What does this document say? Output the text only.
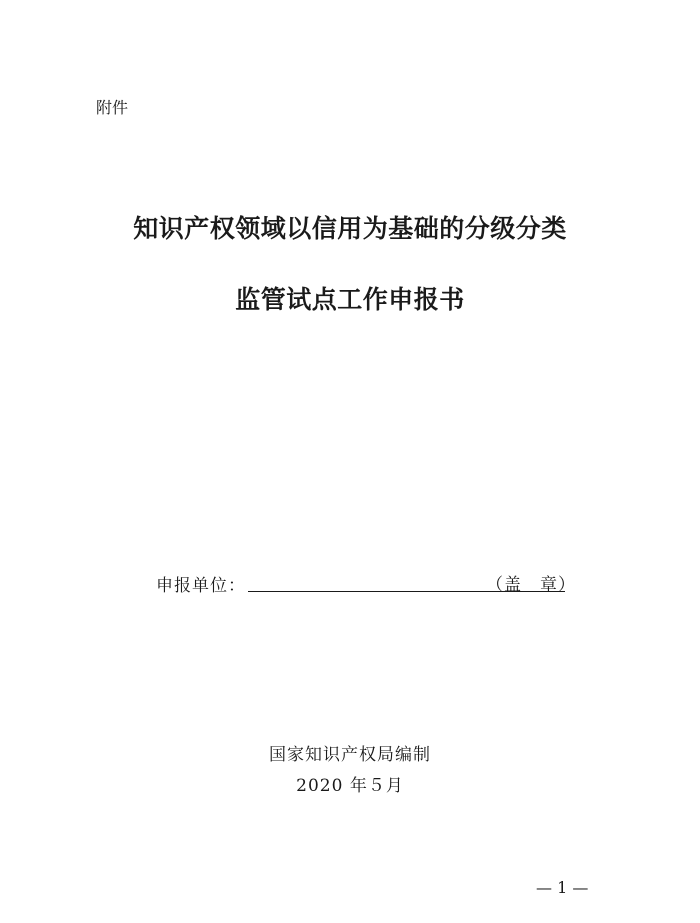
附件
知识产权领域以信用为基础的分级分类
监管试点工作申报书
申报单位：	（盖　章）
国家知识产权局编制
2020 年５月
— 1 —
